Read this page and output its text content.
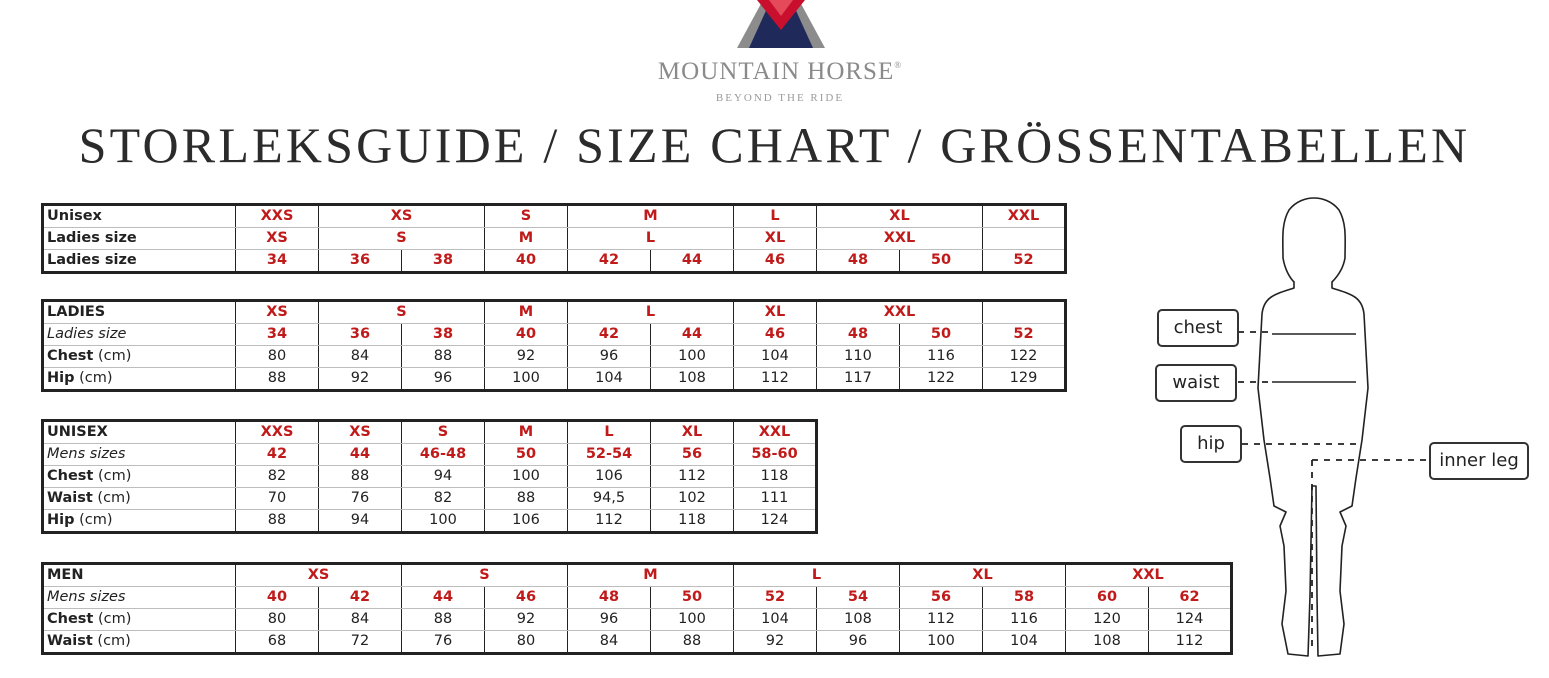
MOUNTAIN HORSE®
BEYOND THE RIDE
STORLEKSGUIDE / SIZE CHART / GRÖSSENTABELLEN
Unisex	XXS	XS		S	M		L	XL		XXL
Ladies size	XS	S		M	L		XL	XXL		
Ladies size	34	36	38	40	42	44	46	48	50	52
LADIES	XS	S		M	L		XL	XXL		
Ladies size	34	36	38	40	42	44	46	48	50	52
Chest (cm)	80	84	88	92	96	100	104	110	116	122
Hip (cm)	88	92	96	100	104	108	112	117	122	129
UNISEX	XXS	XS	S	M	L	XL	XXL
Mens sizes	42	44	46-48	50	52-54	56	58-60
Chest (cm)	82	88	94	100	106	112	118
Waist (cm)	70	76	82	88	94,5	102	111
Hip (cm)	88	94	100	106	112	118	124
MEN	XS		S		M		L		XL		XXL	
Mens sizes	40	42	44	46	48	50	52	54	56	58	60	62
Chest (cm)	80	84	88	92	96	100	104	108	112	116	120	124
Waist (cm)	68	72	76	80	84	88	92	96	100	104	108	112
chest
waist
hip
inner leg
